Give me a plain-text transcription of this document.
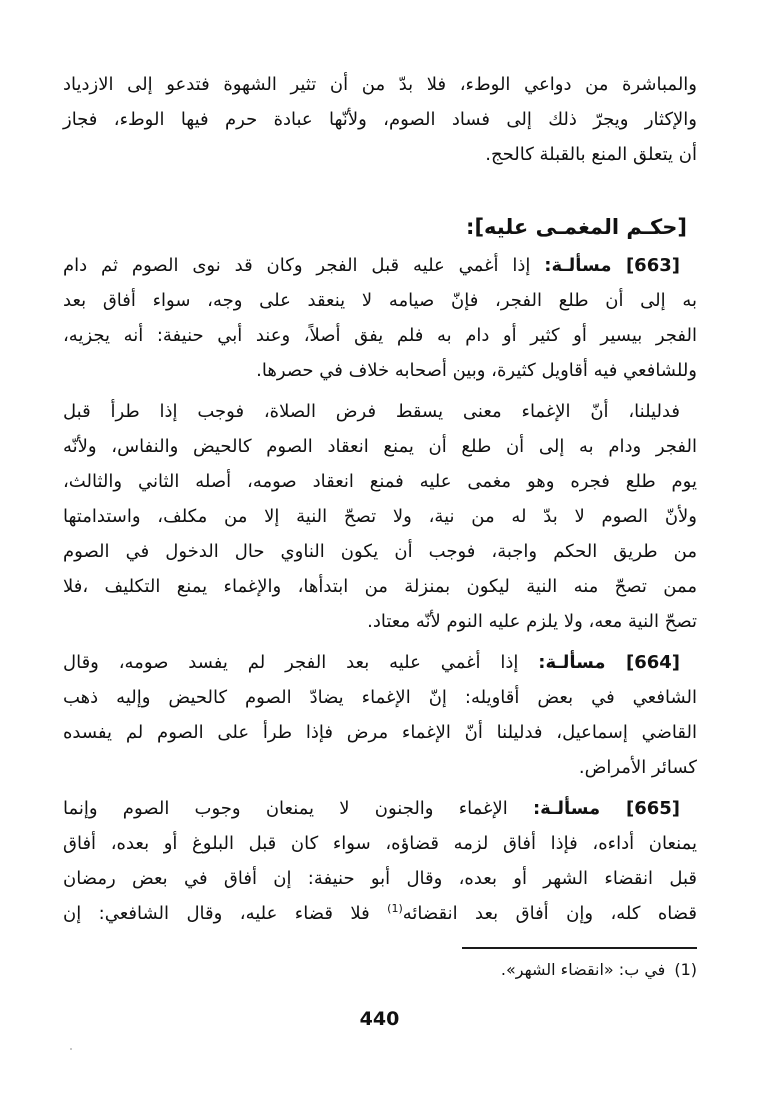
والمباشرة من دواعي الوطء، فلا بدّ من أن تثير الشهوة فتدعو إلى الازدياد
والإكثار ويجرّ ذلك إلى فساد الصوم، ولأنّها عبادة حرم فيها الوطء، فجاز
أن يتعلق المنع بالقبلة كالحج.
[حكـم المغمـى عليه]:
[663] مسألـة: إذا أغمي عليه قبل الفجر وكان قد نوى الصوم ثم دام
به إلى أن طلع الفجر، فإنّ صيامه لا ينعقد على وجه، سواء أفاق بعد
الفجر بيسير أو كثير أو دام به فلم يفق أصلاً، وعند أبي حنيفة: أنه يجزيه،
وللشافعي فيه أقاويل كثيرة، وبين أصحابه خلاف في حصرها.
فدليلنا، أنّ الإغماء معنى يسقط فرض الصلاة، فوجب إذا طرأ قبل
الفجر ودام به إلى أن طلع أن يمنع انعقاد الصوم كالحيض والنفاس، ولأنّه
يوم طلع فجره وهو مغمى عليه فمنع انعقاد صومه، أصله الثاني والثالث،
ولأنّ الصوم لا بدّ له من نية، ولا تصحّ النية إلا من مكلف، واستدامتها
من طريق الحكم واجبة، فوجب أن يكون الناوي حال الدخول في الصوم
ممن تصحّ منه النية ليكون بمنزلة من ابتدأها، والإغماء يمنع التكليف ،فلا
تصحّ النية معه، ولا يلزم عليه النوم لأنّه معتاد.
[664] مسألـة: إذا أغمي عليه بعد الفجر لم يفسد صومه، وقال
الشافعي في بعض أقاويله: إنّ الإغماء يضادّ الصوم كالحيض وإليه ذهب
القاضي إسماعيل، فدليلنا أنّ الإغماء مرض فإذا طرأ على الصوم لم يفسده
كسائر الأمراض.
[665] مسألـة: الإغماء والجنون لا يمنعان وجوب الصوم وإنما
يمنعان أداءه، فإذا أفاق لزمه قضاؤه، سواء كان قبل البلوغ أو بعده، أفاق
قبل انقضاء الشهر أو بعده، وقال أبو حنيفة: إن أفاق في بعض رمضان
قضاه كله، وإن أفاق بعد انقضائه$^{(1)}$ فلا قضاء عليه، وقال الشافعي: إن
(1)في ب: «انقضاء الشهر».
440
